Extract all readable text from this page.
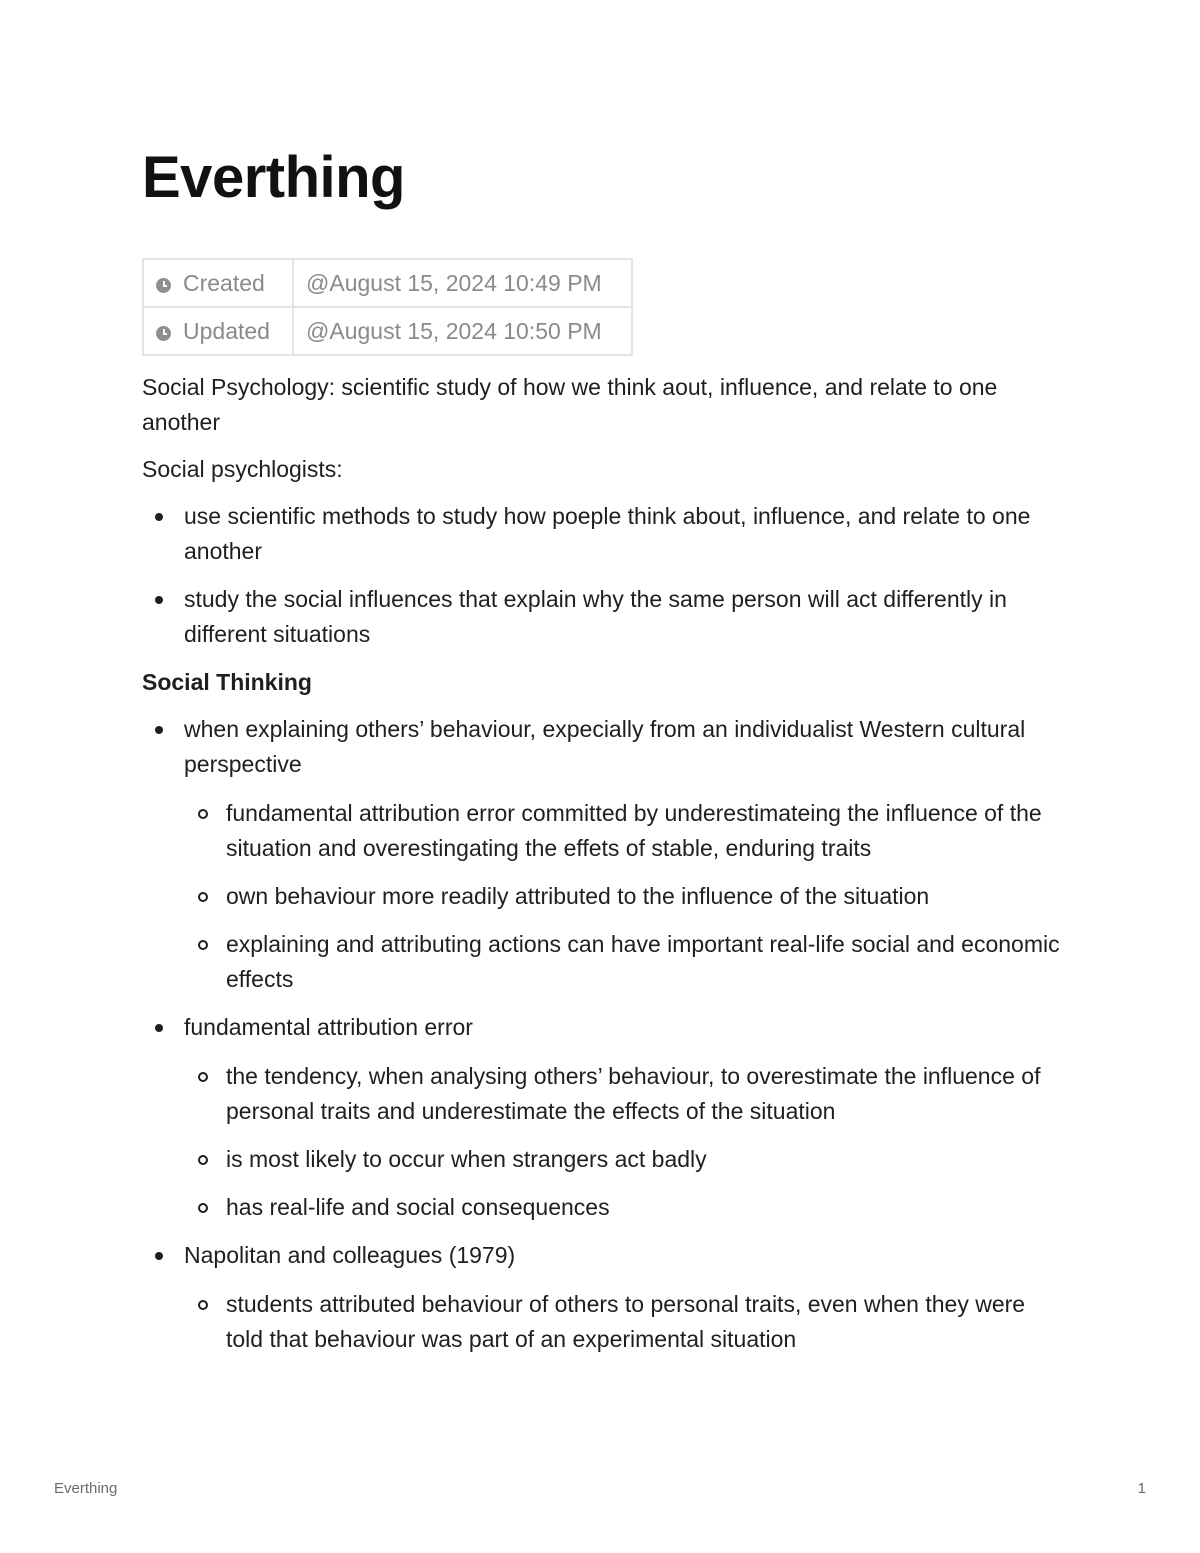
Everthing
Created	@August 15, 2024 10:49 PM
Updated	@August 15, 2024 10:50 PM

Social Psychology: scientific study of how we think aout, influence, and relate to one another

Social psychlogists:

use scientific methods to study how poeple think about, influence, and relate to one another
study the social influences that explain why the same person will act differently in different situations

Social Thinking

when explaining others’ behaviour, expecially from an individualist Western cultural perspective
fundamental attribution error committed by underestimateing the influence of the situation and overestingating the effets of stable, enduring traits
own behaviour more readily attributed to the influence of the situation
explaining and attributing actions can have important real-life social and economic effects
fundamental attribution error
the tendency, when analysing others’ behaviour, to overestimate the influence of personal traits and underestimate the effects of the situation
is most likely to occur when strangers act badly
has real-life and social consequences
Napolitan and colleagues (1979)
students attributed behaviour of others to personal traits, even when they were told that behaviour was part of an experimental situation
Everthing	1
